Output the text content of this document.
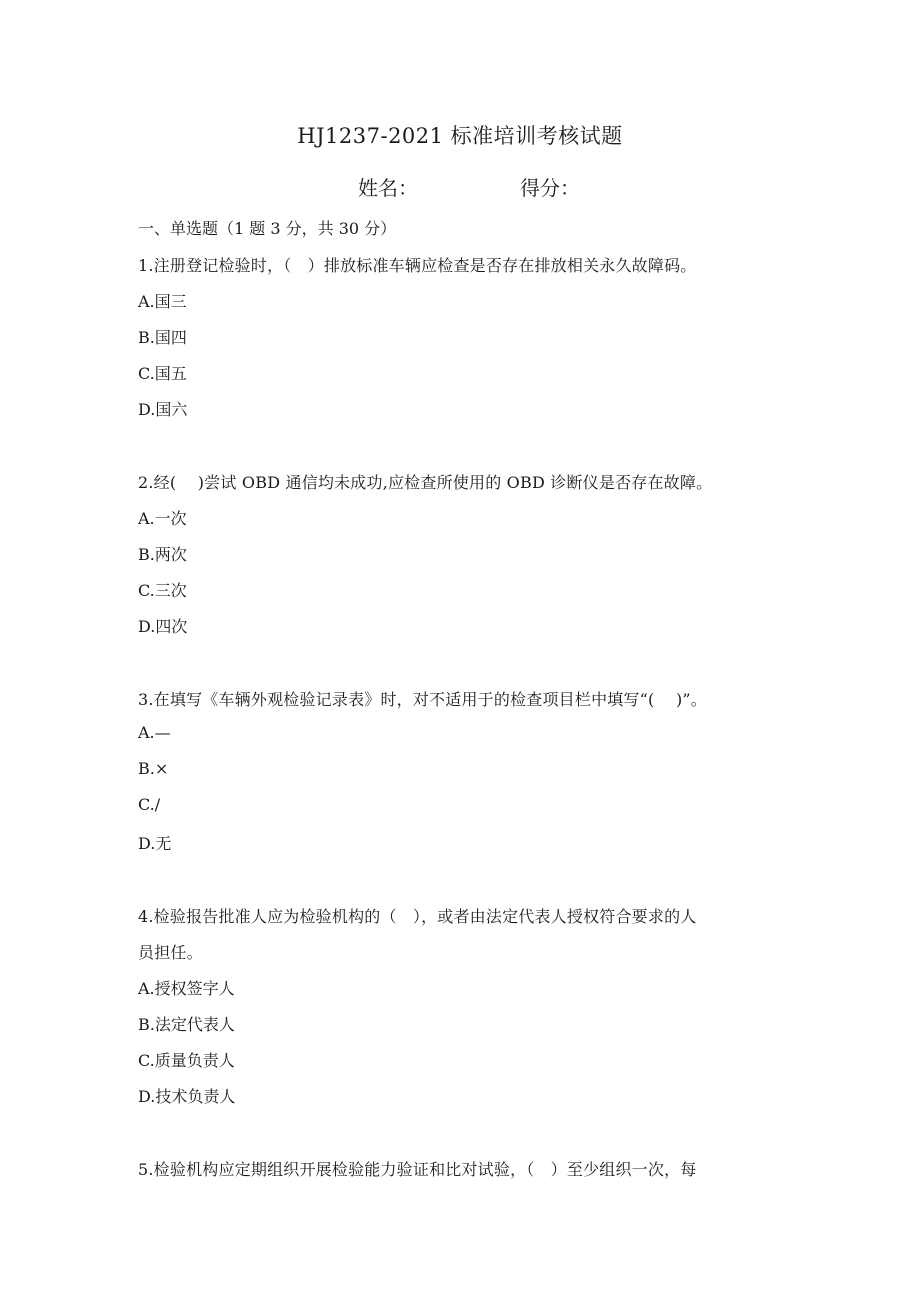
HJ1237-2021 标准培训考核试题
姓名：	得分：
一、单选题（1 题 3 分，共 30 分）
1.注册登记检验时，（　）排放标准车辆应检查是否存在排放相关永久故障码。
A.国三
B.国四
C.国五
D.国六
2.经(　 )尝试 OBD 通信均未成功,应检查所使用的 OBD 诊断仪是否存在故障。
A.一次
B.两次
C.三次
D.四次
3.在填写《车辆外观检验记录表》时，对不适用于的检查项目栏中填写“(　 )”。
A.—
B.×
C./
D.无
4.检验报告批准人应为检验机构的（　），或者由法定代表人授权符合要求的人
员担任。
A.授权签字人
B.法定代表人
C.质量负责人
D.技术负责人
5.检验机构应定期组织开展检验能力验证和比对试验，（　）至少组织一次，每
